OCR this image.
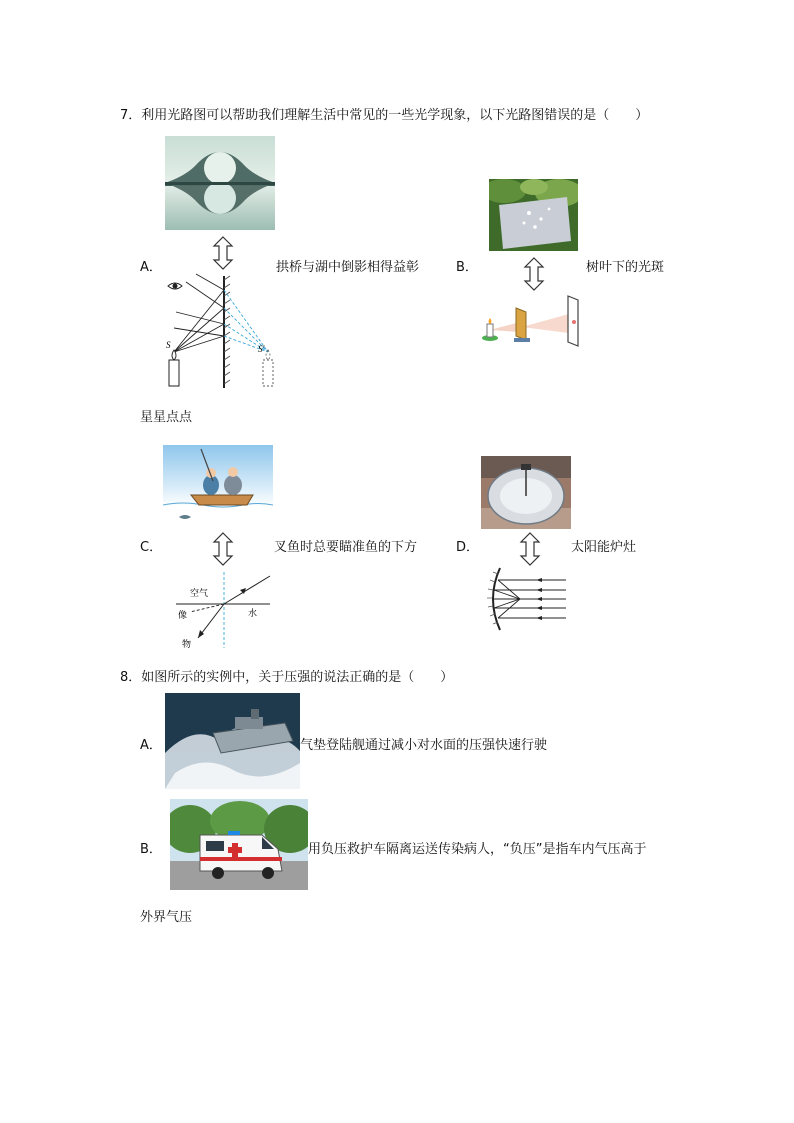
7．利用光路图可以帮助我们理解生活中常见的一些光学现象，以下光路图错误的是（　　）
A．	拱桥与湖中倒影相得益彰
S	S'
B．	树叶下的光斑
星星点点
C．	叉鱼时总要瞄准鱼的下方
空气
像	水
物
D．	太阳能炉灶
8．如图所示的实例中，关于压强的说法正确的是（　　）
A．	气垫登陆舰通过减小对水面的压强快速行驶
B．	用负压救护车隔离运送传染病人，“负压”是指车内气压高于
外界气压
